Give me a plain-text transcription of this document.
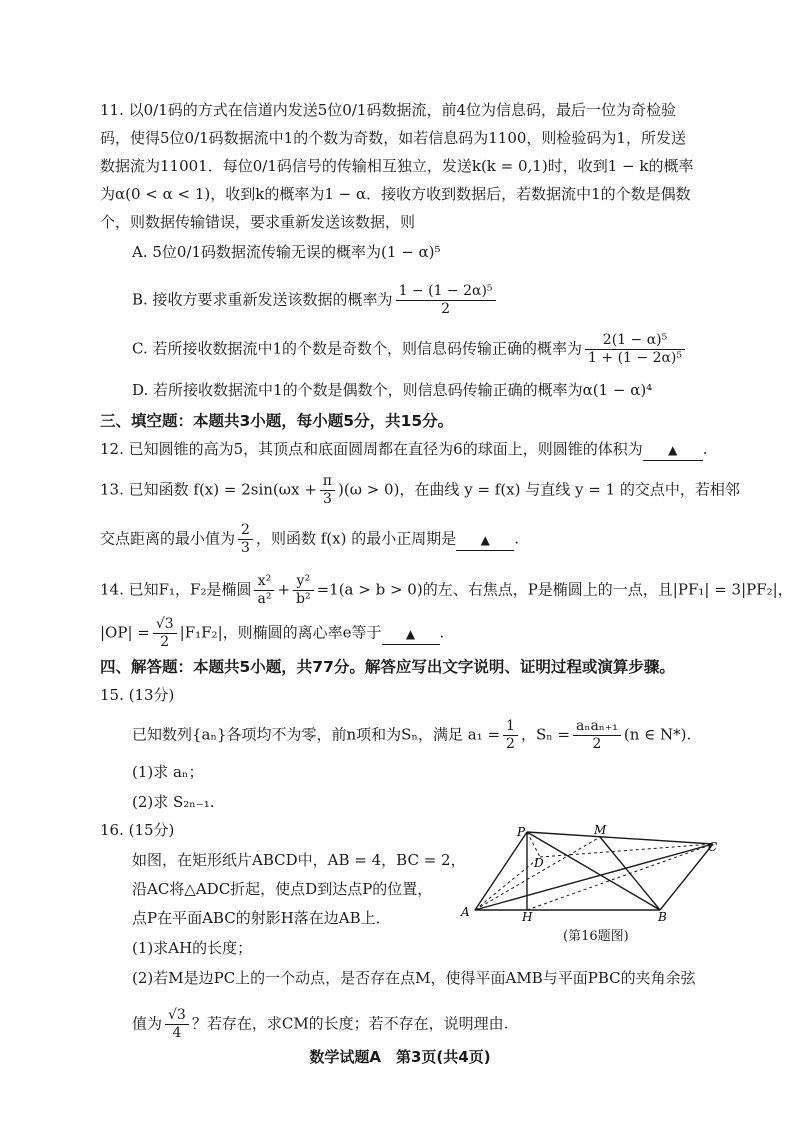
11. 以0/1码的方式在信道内发送5位0/1码数据流，前4位为信息码，最后一位为奇检验
码，使得5位0/1码数据流中1的个数为奇数，如若信息码为1100，则检验码为1，所发送
数据流为11001．每位0/1码信号的传输相互独立，发送k(k = 0,1)时，收到1 − k的概率
为α(0 < α < 1)，收到k的概率为1 − α．接收方收到数据后，若数据流中1的个数是偶数
个，则数据传输错误，要求重新发送该数据，则
A. 5位0/1码数据流传输无误的概率为(1 − α)⁵
B. 接收方要求重新发送该数据的概率为 $\frac{\text{1 − (1 − 2α)⁵}}{2}$
C. 若所接收数据流中1的个数是奇数个，则信息码传输正确的概率为 $\frac{\text{2(1 − α)⁵}}{\text{1 + (1 − 2α)⁵}}$
D. 若所接收数据流中1的个数是偶数个，则信息码传输正确的概率为α(1 − α)⁴
三、填空题：本题共3小题，每小题5分，共15分。
12. 已知圆锥的高为5，其顶点和底面圆周都在直径为6的球面上，则圆锥的体积为 ▲ .
13. 已知函数 $f(x) = 2\sin(\omega x + \frac{\pi}{3} )(\omega > 0)$，在曲线 y = f(x) 与直线 y = 1 的交点中，若相邻
交点距离的最小值为 $\frac{2}{3}$ ，则函数 f(x) 的最小正周期是 ▲ .
14. 已知F₁，F₂是椭圆 $\frac{\text{x²}}{\text{a²}} + \frac{\text{y²}}{\text{b²}} =1(a > b > 0)$的左、右焦点，P是椭圆上的一点，且|PF₁| = 3|PF₂|，
$|OP| = \frac{√3}{2} |F_1F_2|$，则椭圆的离心率e等于 ▲ .
四、解答题：本题共5小题，共77分。解答应写出文字说明、证明过程或演算步骤。
15. (13分)
已知数列{aₙ}各项均不为零，前n项和为Sₙ，满足 $a_1 = \frac{1}{2}$ ，$S_n = \frac{\text{aₙaₙ₊₁}}{2} (n$ ∈ N*).
(1)求 aₙ；
(2)求 S₂ₙ₋₁.
16. (15分)
如图，在矩形纸片ABCD中，AB = 4，BC = 2，
沿AC将△ADC折起，使点D到达点P的位置，
点P在平面ABC的射影H落在边AB上．
(1)求AH的长度；
(2)若M是边PC上的一个动点，是否存在点M，使得平面AMB与平面PBC的夹角余弦
值为 $\frac{√3}{4}$ ？若存在，求CM的长度；若不存在，说明理由.
P	M
C
D
A	H	B
(第16题图)
数学试题A　第3页(共4页)
